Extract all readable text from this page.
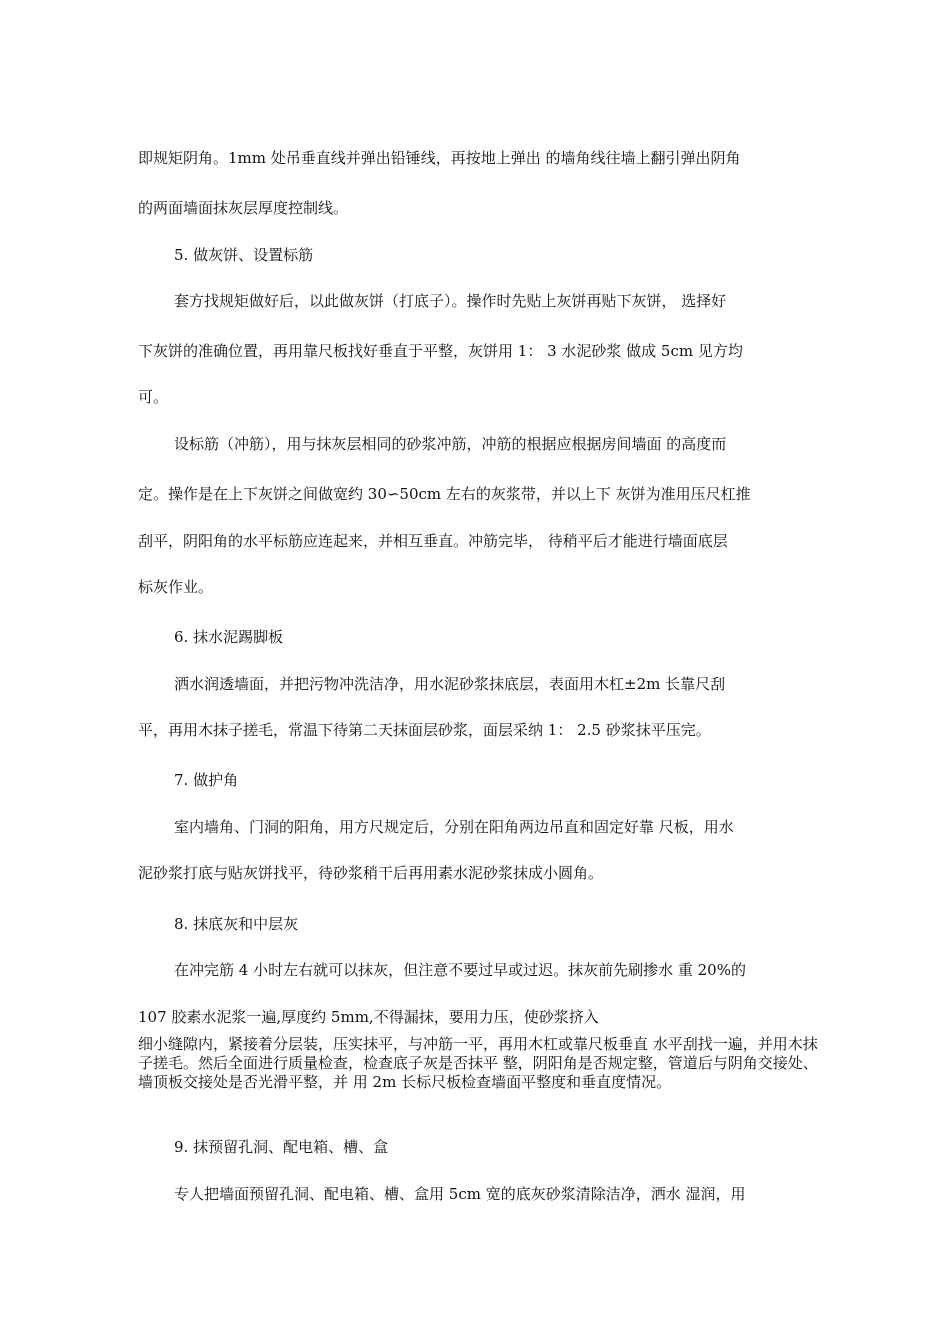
即规矩阴角。1mm 处吊垂直线并弹出铅锤线，再按地上弹出 的墙角线往墙上翻引弹出阴角
的两面墙面抹灰层厚度控制线。
5. 做灰饼、设置标筋
套方找规矩做好后，以此做灰饼（打底子）。操作时先贴上灰饼再贴下灰饼， 选择好
下灰饼的准确位置，再用靠尺板找好垂直于平整，灰饼用 1： 3 水泥砂浆 做成 5cm 见方均
可。
设标筋（冲筋），用与抹灰层相同的砂浆冲筋，冲筋的根据应根据房间墙面 的高度而
定。操作是在上下灰饼之间做宽约 30∽50cm 左右的灰浆带，并以上下 灰饼为准用压尺杠推
刮平，阴阳角的水平标筋应连起来，并相互垂直。冲筋完毕， 待稍平后才能进行墙面底层
标灰作业。
6. 抹水泥踢脚板
洒水润透墙面，并把污物冲洗洁净，用水泥砂浆抹底层，表面用木杠±2m 长靠尺刮
平，再用木抹子搓毛，常温下待第二天抹面层砂浆，面层采纳 1： 2.5 砂浆抹平压完。
7. 做护角
室内墙角、门洞的阳角，用方尺规定后，分别在阳角两边吊直和固定好靠 尺板，用水
泥砂浆打底与贴灰饼找平，待砂浆稍干后再用素水泥砂浆抹成小圆角。
8. 抹底灰和中层灰
在冲完筋 4 小时左右就可以抹灰，但注意不要过早或过迟。抹灰前先刷掺水 重 20%的
107 胶素水泥浆一遍,厚度约 5mm,不得漏抹，要用力压，使砂浆挤入
细小缝隙内，紧接着分层装，压实抹平，与冲筋一平，再用木杠或靠尺板垂直 水平刮找一遍，并用木抹子搓毛。然后全面进行质量检查，检查底子灰是否抹平 整，阴阳角是否规定整，管道后与阴角交接处、墙顶板交接处是否光滑平整，并 用 2m 长标尺板检查墙面平整度和垂直度情况。
9. 抹预留孔洞、配电箱、槽、盒
专人把墙面预留孔洞、配电箱、槽、盒用 5cm 宽的底灰砂浆清除洁净，洒水 湿润，用
